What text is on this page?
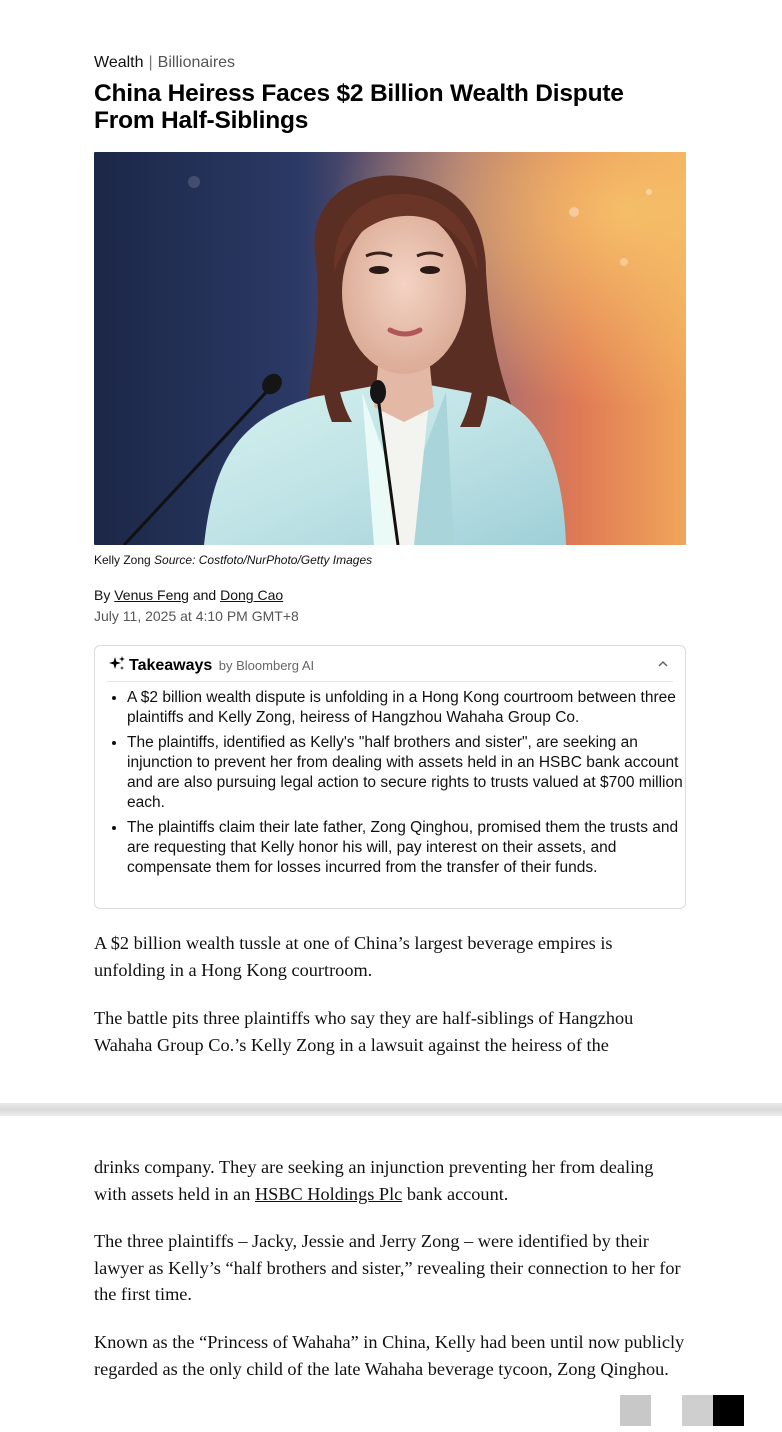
Wealth | Billionaires
China Heiress Faces $2 Billion Wealth Dispute From Half-Siblings
Kelly Zong Source: Costfoto/NurPhoto/Getty Images
By Venus Feng and Dong Cao
July 11, 2025 at 4:10 PM GMT+8
Takeaways by Bloomberg AI
• A $2 billion wealth dispute is unfolding in a Hong Kong courtroom between three plaintiffs and Kelly Zong, heiress of Hangzhou Wahaha Group Co.
• The plaintiffs, identified as Kelly's "half brothers and sister", are seeking an injunction to prevent her from dealing with assets held in an HSBC bank account and are also pursuing legal action to secure rights to trusts valued at $700 million each.
• The plaintiffs claim their late father, Zong Qinghou, promised them the trusts and are requesting that Kelly honor his will, pay interest on their assets, and compensate them for losses incurred from the transfer of their funds.

A $2 billion wealth tussle at one of China’s largest beverage empires is unfolding in a Hong Kong courtroom.

The battle pits three plaintiffs who say they are half-siblings of Hangzhou Wahaha Group Co.’s Kelly Zong in a lawsuit against the heiress of the

drinks company. They are seeking an injunction preventing her from dealing with assets held in an HSBC Holdings Plc bank account.

The three plaintiffs – Jacky, Jessie and Jerry Zong – were identified by their lawyer as Kelly’s “half brothers and sister,” revealing their connection to her for the first time.

Known as the “Princess of Wahaha” in China, Kelly had been until now publicly regarded as the only child of the late Wahaha beverage tycoon, Zong Qinghou.
